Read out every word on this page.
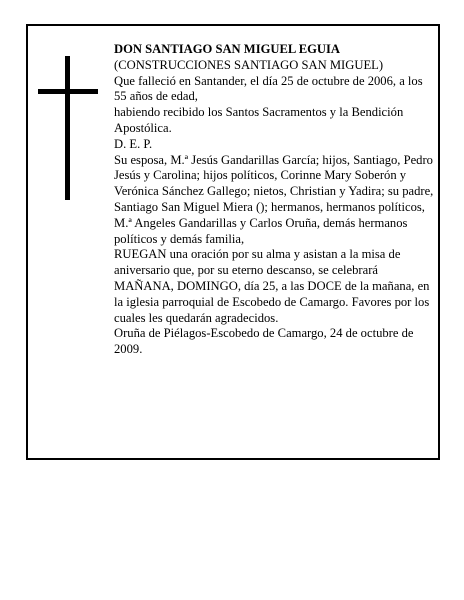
DON SANTIAGO SAN MIGUEL EGUIA

(CONSTRUCCIONES SANTIAGO SAN MIGUEL)

Que falleció en Santander, el día 25 de octubre de 2006, a los 55 años de edad,

habiendo recibido los Santos Sacramentos y la Bendición Apostólica.

D. E. P.

Su esposa, M.ª Jesús Gandarillas García; hijos, Santiago, Pedro Jesús y Carolina; hijos políticos, Corinne Mary Soberón y Verónica Sánchez Gallego; nietos, Christian y Yadira; su padre, Santiago San Miguel Miera (); hermanos, hermanos políticos, M.ª Angeles Gandarillas y Carlos Oruña, demás hermanos políticos y demás familia,

RUEGAN una oración por su alma y asistan a la misa de aniversario que, por su eterno descanso, se celebrará MAÑANA, DOMINGO, día 25, a las DOCE de la mañana, en la iglesia parroquial de Escobedo de Camargo. Favores por los cuales les quedarán agradecidos.

Oruña de Piélagos-Escobedo de Camargo, 24 de octubre de 2009.
